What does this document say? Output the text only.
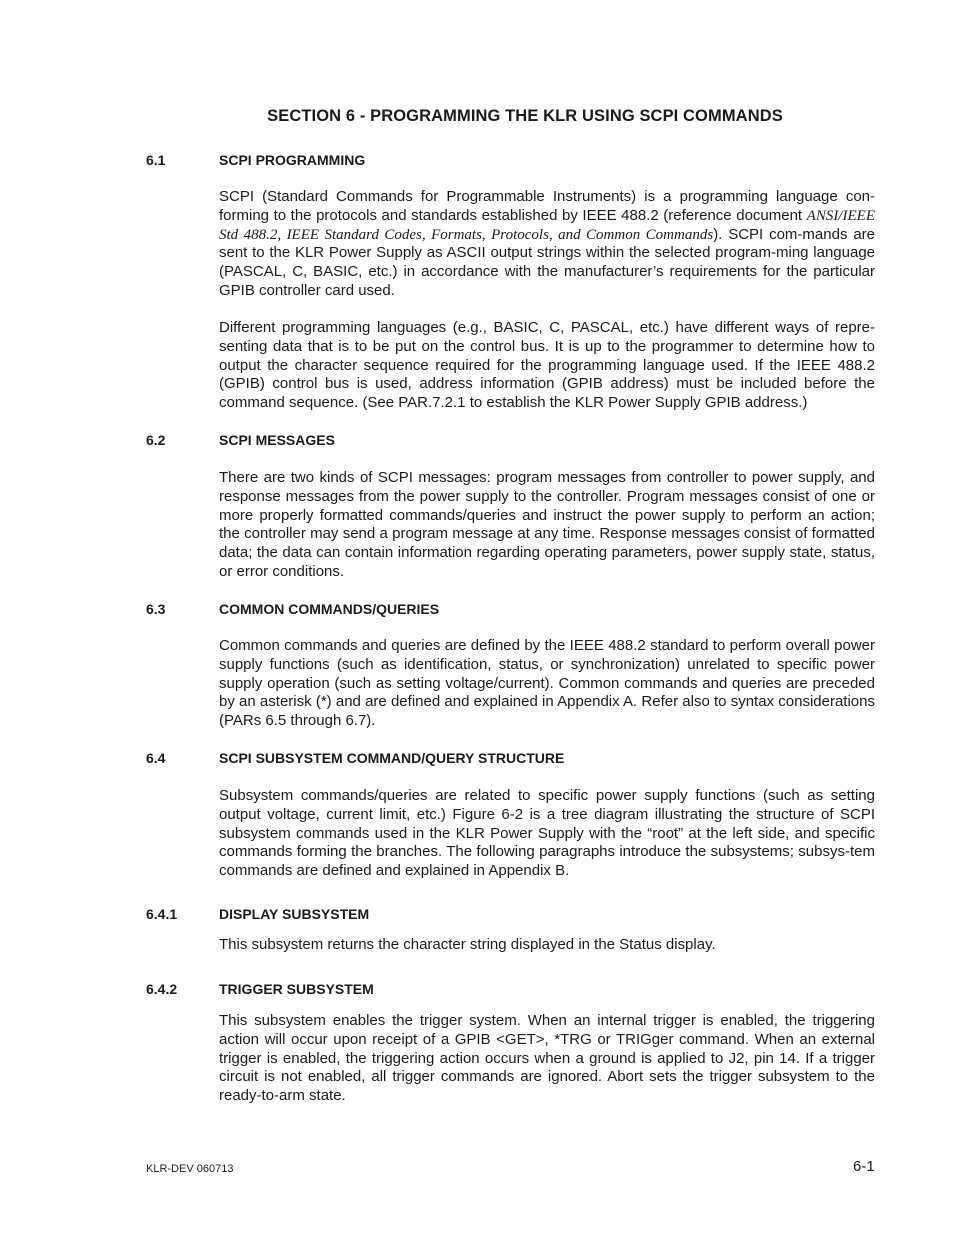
SECTION 6 - PROGRAMMING THE KLR USING SCPI COMMANDS
6.1	SCPI PROGRAMMING

SCPI (Standard Commands for Programmable Instruments) is a programming language con-forming to the protocols and standards established by IEEE 488.2 (reference document ANSI/IEEE Std 488.2, IEEE Standard Codes, Formats, Protocols, and Common Commands). SCPI com-mands are sent to the KLR Power Supply as ASCII output strings within the selected program-ming language (PASCAL, C, BASIC, etc.) in accordance with the manufacturer’s requirements for the particular GPIB controller card used.

Different programming languages (e.g., BASIC, C, PASCAL, etc.) have different ways of repre-senting data that is to be put on the control bus. It is up to the programmer to determine how to output the character sequence required for the programming language used. If the IEEE 488.2 (GPIB) control bus is used, address information (GPIB address) must be included before the command sequence. (See PAR.7.2.1 to establish the KLR Power Supply GPIB address.)

6.2	SCPI MESSAGES

There are two kinds of SCPI messages: program messages from controller to power supply, and response messages from the power supply to the controller. Program messages consist of one or more properly formatted commands/queries and instruct the power supply to perform an action; the controller may send a program message at any time. Response messages consist of formatted data; the data can contain information regarding operating parameters, power supply state, status, or error conditions.

6.3	COMMON COMMANDS/QUERIES

Common commands and queries are defined by the IEEE 488.2 standard to perform overall power supply functions (such as identification, status, or synchronization) unrelated to specific power supply operation (such as setting voltage/current). Common commands and queries are preceded by an asterisk (*) and are defined and explained in Appendix A. Refer also to syntax considerations (PARs 6.5 through 6.7).

6.4	SCPI SUBSYSTEM COMMAND/QUERY STRUCTURE

Subsystem commands/queries are related to specific power supply functions (such as setting output voltage, current limit, etc.) Figure 6-2 is a tree diagram illustrating the structure of SCPI subsystem commands used in the KLR Power Supply with the “root” at the left side, and specific commands forming the branches. The following paragraphs introduce the subsystems; subsys-tem commands are defined and explained in Appendix B.

6.4.1	DISPLAY SUBSYSTEM

This subsystem returns the character string displayed in the Status display.

6.4.2	TRIGGER SUBSYSTEM

This subsystem enables the trigger system. When an internal trigger is enabled, the triggering action will occur upon receipt of a GPIB <GET>, *TRG or TRIGger command. When an external trigger is enabled, the triggering action occurs when a ground is applied to J2, pin 14. If a trigger circuit is not enabled, all trigger commands are ignored. Abort sets the trigger subsystem to the ready-to-arm state.

KLR-DEV 060713	6-1
